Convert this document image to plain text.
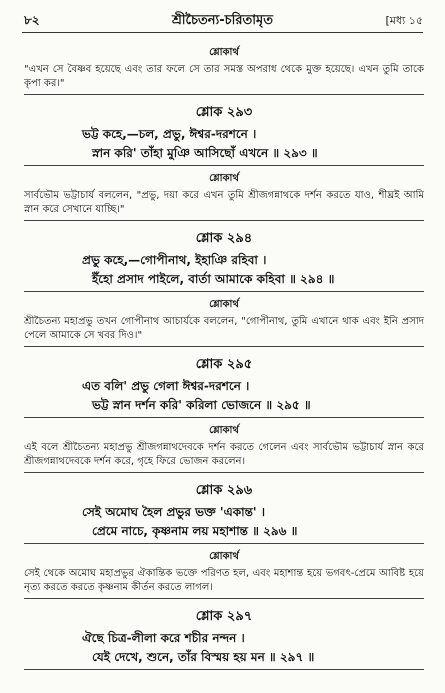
৮২	শ্রীচৈতন্য-চরিতামৃত	[মধ্য ১৫
শ্লোকার্থ
"এখন সে বৈষ্ণব হয়েছে এবং তার ফলে সে তার সমস্ত অপরাধ থেকে মুক্ত হয়েছে। এখন তুমি তাকে কৃপা কর।"
শ্লোক ২৯৩
ভট্ট কহে,—চল, প্রভু, ঈশ্বর-দরশনে ।
স্নান করি' তাঁহা মুঞি আসিছোঁ এখনে ॥ ২৯৩ ॥
শ্লোকার্থ
সার্বভৌম ভট্টাচার্য বললেন, "প্রভু, দয়া করে এখন তুমি শ্রীজগন্নাথকে দর্শন করতে যাও, শীঘ্রই আমি স্নান করে সেখানে যাচ্ছি।"
শ্লোক ২৯৪
প্রভু কহে,—গোপীনাথ, ইহাঞি রহিবা ।
ইঁহো প্রসাদ পাইলে, বার্তা আমাকে কহিবা ॥ ২৯৪ ॥
শ্লোকার্থ
শ্রীচৈতন্য মহাপ্রভু তখন গোপীনাথ আচার্যকে বললেন, "গোপীনাথ, তুমি এখানে থাক এবং ইনি প্রসাদ পেলে আমাকে সে খবর দিও।"
শ্লোক ২৯৫
এত বলি' প্রভু গেলা ঈশ্বর-দরশনে ।
ভট্ট স্নান দর্শন করি' করিলা ভোজনে ॥ ২৯৫ ॥
শ্লোকার্থ
এই বলে শ্রীচৈতন্য মহাপ্রভু শ্রীজগন্নাথদেবকে দর্শন করতে গেলেন এবং সার্বভৌম ভট্টাচার্য স্নান করে শ্রীজগন্নাথদেবকে দর্শন করে, গৃহে ফিরে ভোজন করলেন।
শ্লোক ২৯৬
সেই অমোঘ হৈল প্রভুর ভক্ত 'একান্ত' ।
প্রেমে নাচে, কৃষ্ণনাম লয় মহাশান্ত ॥ ২৯৬ ॥
শ্লোকার্থ
সেই থেকে অমোঘ মহাপ্রভুর ঐকান্তিক ভক্তে পরিণত হল, এবং মহাশান্ত হয়ে ভগবৎ-প্রেমে আবিষ্ট হয়ে নৃত্য করতে করতে কৃষ্ণনাম কীর্তন করতে লাগল।
শ্লোক ২৯৭
ঐছে চিত্র-লীলা করে শচীর নন্দন ।
যেই দেখে, শুনে, তাঁর বিস্ময় হয় মন ॥ ২৯৭ ॥
